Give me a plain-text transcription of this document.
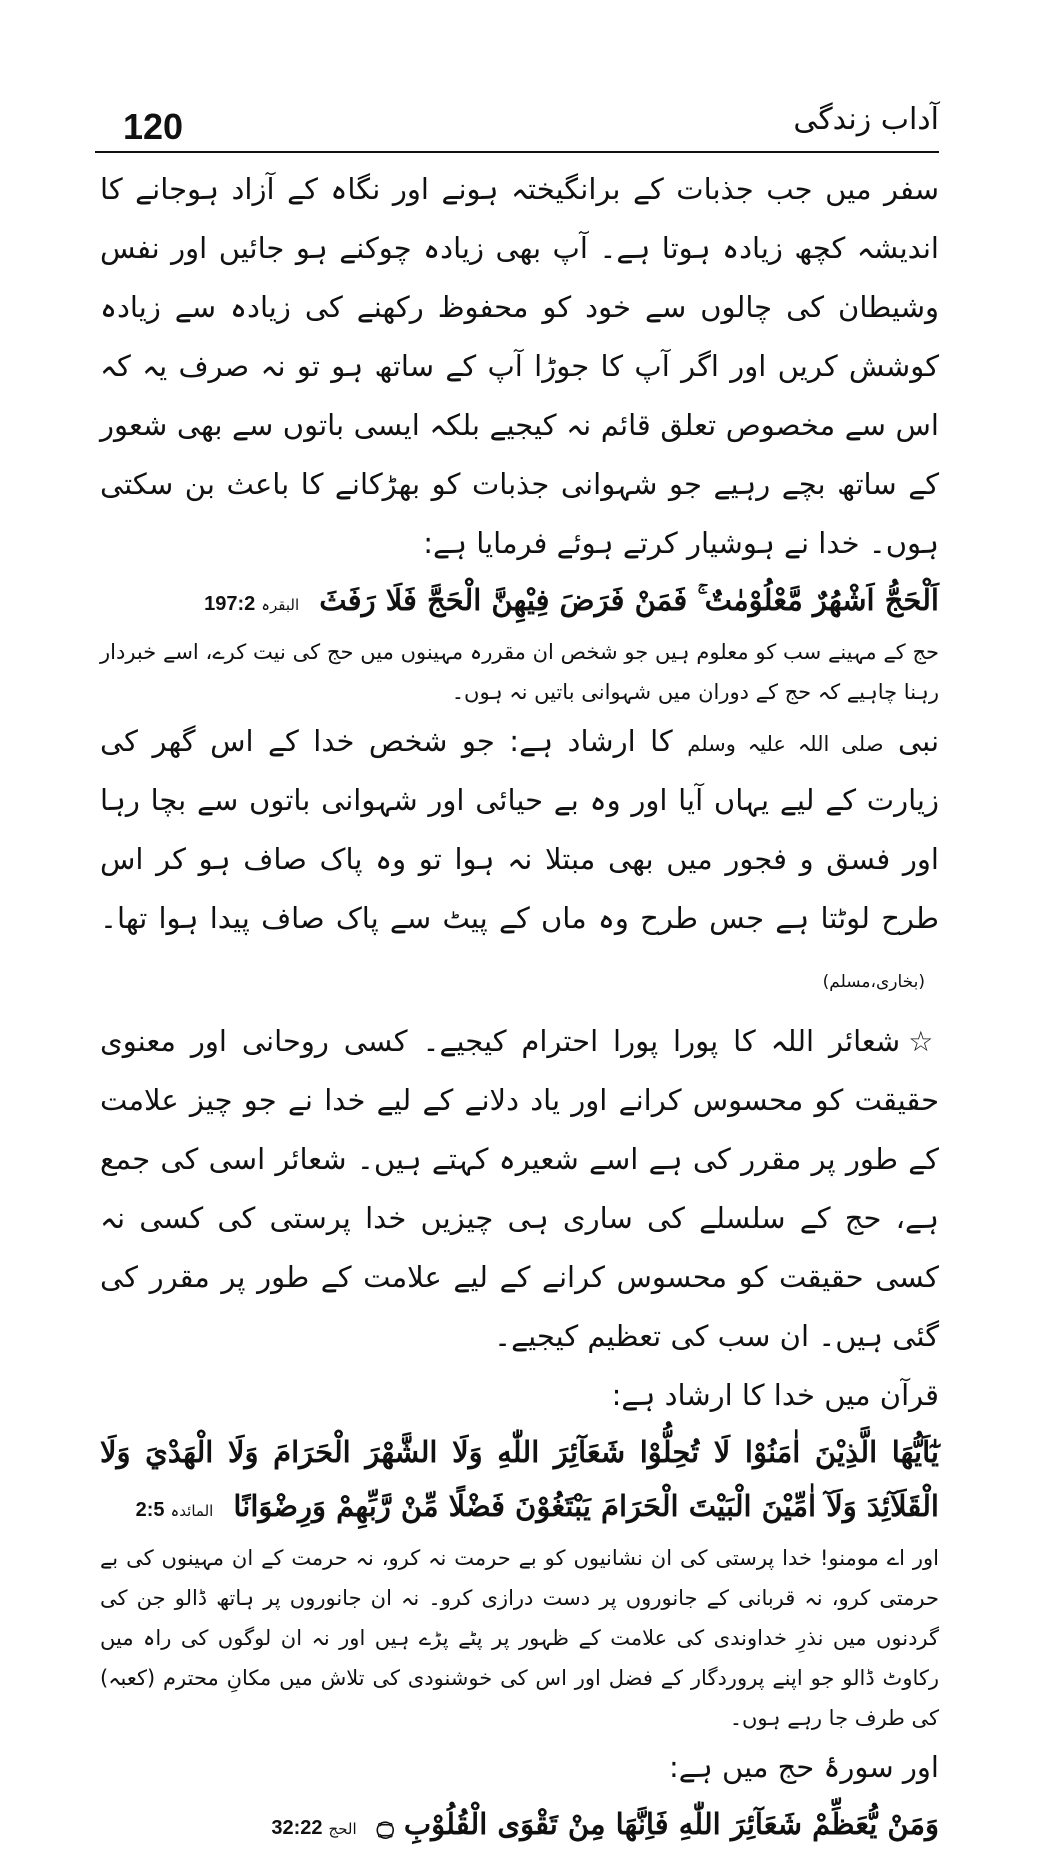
120	آداب زندگی

سفر میں جب جذبات کے برانگیختہ ہونے اور نگاہ کے آزاد ہوجانے کا اندیشہ کچھ زیادہ ہوتا ہے۔ آپ بھی زیادہ چوکنے ہو جائیں اور نفس وشیطان کی چالوں سے خود کو محفوظ رکھنے کی زیادہ سے زیادہ کوشش کریں اور اگر آپ کا جوڑا آپ کے ساتھ ہو تو نہ صرف یہ کہ اس سے مخصوص تعلق قائم نہ کیجیے بلکہ ایسی باتوں سے بھی شعور کے ساتھ بچے رہیے جو شہوانی جذبات کو بھڑکانے کا باعث بن سکتی ہوں۔ خدا نے ہوشیار کرتے ہوئے فرمایا ہے:

اَلْحَجُّ اَشْهُرٌ مَّعْلُوْمٰتٌ ۚ فَمَنْ فَرَضَ فِيْهِنَّ الْحَجَّ فَلَا رَفَثَ البقرہ197:2

حج کے مہینے سب کو معلوم ہیں جو شخص ان مقررہ مہینوں میں حج کی نیت کرے، اسے خبردار رہنا چاہیے کہ حج کے دوران میں شہوانی باتیں نہ ہوں۔

نبی صلی اللہ علیہ وسلم کا ارشاد ہے: جو شخص خدا کے اس گھر کی زیارت کے لیے یہاں آیا اور وہ بے حیائی اور شہوانی باتوں سے بچا رہا اور فسق و فجور میں بھی مبتلا نہ ہوا تو وہ پاک صاف ہو کر اس طرح لوٹتا ہے جس طرح وہ ماں کے پیٹ سے پاک صاف پیدا ہوا تھا۔ (بخاری،مسلم)

☆شعائر اللہ کا پورا پورا احترام کیجیے۔ کسی روحانی اور معنوی حقیقت کو محسوس کرانے اور یاد دلانے کے لیے خدا نے جو چیز علامت کے طور پر مقرر کی ہے اسے شعیرہ کہتے ہیں۔ شعائر اسی کی جمع ہے، حج کے سلسلے کی ساری ہی چیزیں خدا پرستی کی کسی نہ کسی حقیقت کو محسوس کرانے کے لیے علامت کے طور پر مقرر کی گئی ہیں۔ ان سب کی تعظیم کیجیے۔

قرآن میں خدا کا ارشاد ہے:

يٰٓاَيُّهَا الَّذِيْنَ اٰمَنُوْا لَا تُحِلُّوْا شَعَآئِرَ اللّٰهِ وَلَا الشَّهْرَ الْحَرَامَ وَلَا الْهَدْيَ وَلَا الْقَلَآئِدَ وَلَآ اٰمِّيْنَ الْبَيْتَ الْحَرَامَ يَبْتَغُوْنَ فَضْلًا مِّنْ رَّبِّهِمْ وَرِضْوَانًا المائدہ2:5

اور اے مومنو! خدا پرستی کی ان نشانیوں کو بے حرمت نہ کرو، نہ حرمت کے ان مہینوں کی بے حرمتی کرو، نہ قربانی کے جانوروں پر دست درازی کرو۔ نہ ان جانوروں پر ہاتھ ڈالو جن کی گردنوں میں نذرِ خداوندی کی علامت کے ظہور پر پٹے پڑے ہیں اور نہ ان لوگوں کی راہ میں رکاوٹ ڈالو جو اپنے پروردگار کے فضل اور اس کی خوشنودی کی تلاش میں مکانِ محترم (کعبہ) کی طرف جا رہے ہوں۔

اور سورۂ حج میں ہے:

وَمَنْ يُّعَظِّمْ شَعَآئِرَ اللّٰهِ فَاِنَّهَا مِنْ تَقْوَى الْقُلُوْبِ ۝ الحج32:22
